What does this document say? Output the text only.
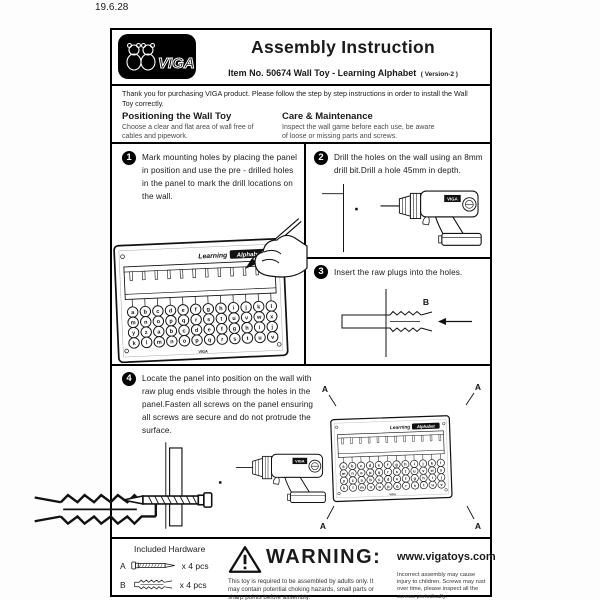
19.6.28
VIGA
Assembly Instruction
Item No. 50674 Wall Toy - Learning Alphabet ( Version-2 )
Thank you for purchasing VIGA product. Please follow the step by step instructions in order to install the Wall Toy correctly.
Positioning the Wall Toy
Choose a clear and flat area of wall free of cables and pipework.
Care & Maintenance
Inspect the wall game before each use, be aware of loose or missing parts and screws.
1	Mark mounting holes by placing the panel in position and use the pre - drilled holes in the panel to mark the drill locations on the wall.
2	Drill the holes on the wall using an 8mm drill bit.Drill a hole 45mm in depth.
3	Insert the raw plugs into the holes.
B
4	Locate the panel into position on the wall with raw plug ends visible through the holes in the panel.Fasten all screws on the panel ensuring all screws are secure and do not protrude the surface.
A	A
A	A
Included Hardware
A	x 4 pcs
B	x 4 pcs
WARNING:
This toy is required to be assembled by adults only. It may contain potential choking hazards, small parts or sharp points before assembly.
www.vigatoys.com
Incorrect assembly may cause injury to children. Screws may rust over time, please inspect all the screws periodically.
